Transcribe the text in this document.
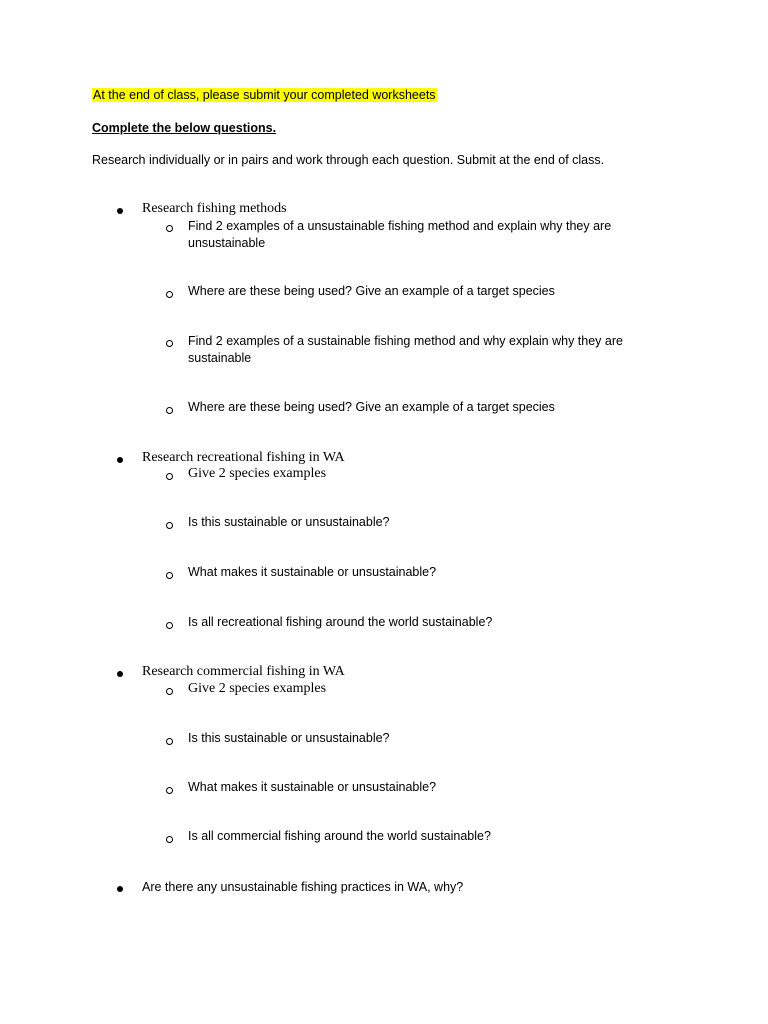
At the end of class, please submit your completed worksheets

Complete the below questions.

Research individually or in pairs and work through each question. Submit at the end of class.

Research fishing methods

Find 2 examples of a unsustainable fishing method and explain why they are unsustainable

Where are these being used? Give an example of a target species

Find 2 examples of a sustainable fishing method and why explain why they are sustainable

Where are these being used? Give an example of a target species

Research recreational fishing in WA

Give 2 species examples

Is this sustainable or unsustainable?

What makes it sustainable or unsustainable?

Is all recreational fishing around the world sustainable?

Research commercial fishing in WA

Give 2 species examples

Is this sustainable or unsustainable?

What makes it sustainable or unsustainable?

Is all commercial fishing around the world sustainable?

Are there any unsustainable fishing practices in WA, why?
